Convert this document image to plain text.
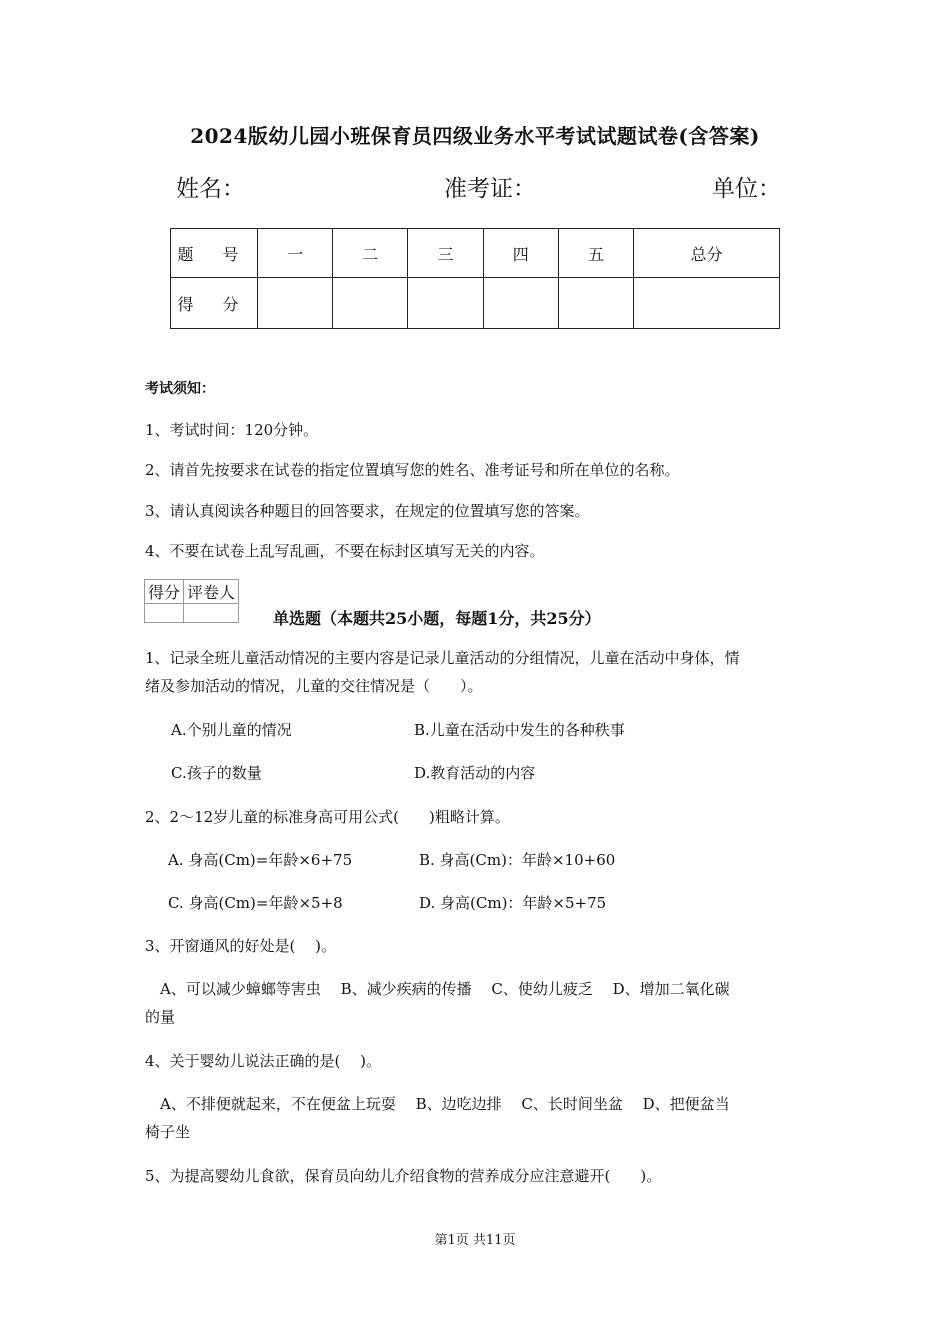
2024版幼儿园小班保育员四级业务水平考试试题试卷(含答案)
姓名：	准考证：	单位：
题 号	一	二	三	四	五	总分
得 分						
考试须知：
1、考试时间：120分钟。
2、请首先按要求在试卷的指定位置填写您的姓名、准考证号和所在单位的名称。
3、请认真阅读各种题目的回答要求，在规定的位置填写您的答案。
4、不要在试卷上乱写乱画，不要在标封区填写无关的内容。
得分	评卷人

单选题（本题共25小题，每题1分，共25分）
1、记录全班儿童活动情况的主要内容是记录儿童活动的分组情况，儿童在活动中身体，情
绪及参加活动的情况，儿童的交往情况是（　　）。
A.个别儿童的情况	B.儿童在活动中发生的各种秩事
C.孩子的数量	D.教育活动的内容
2、2～12岁儿童的标准身高可用公式(　　)粗略计算。
A. 身高(Cm)=年龄×6+75	B. 身高(Cm)：年龄×10+60
C. 身高(Cm)=年龄×5+8	D. 身高(Cm)：年龄×5+75
3、开窗通风的好处是(　 )。
　A、可以减少蟑螂等害虫　 B、减少疾病的传播　 C、使幼儿疲乏　 D、增加二氧化碳
的量
4、关于婴幼儿说法正确的是(　 )。
　A、不排便就起来，不在便盆上玩耍　 B、边吃边排　 C、长时间坐盆　 D、把便盆当
椅子坐
5、为提高婴幼儿食欲，保育员向幼儿介绍食物的营养成分应注意避开(　　)。
第1页 共11页
